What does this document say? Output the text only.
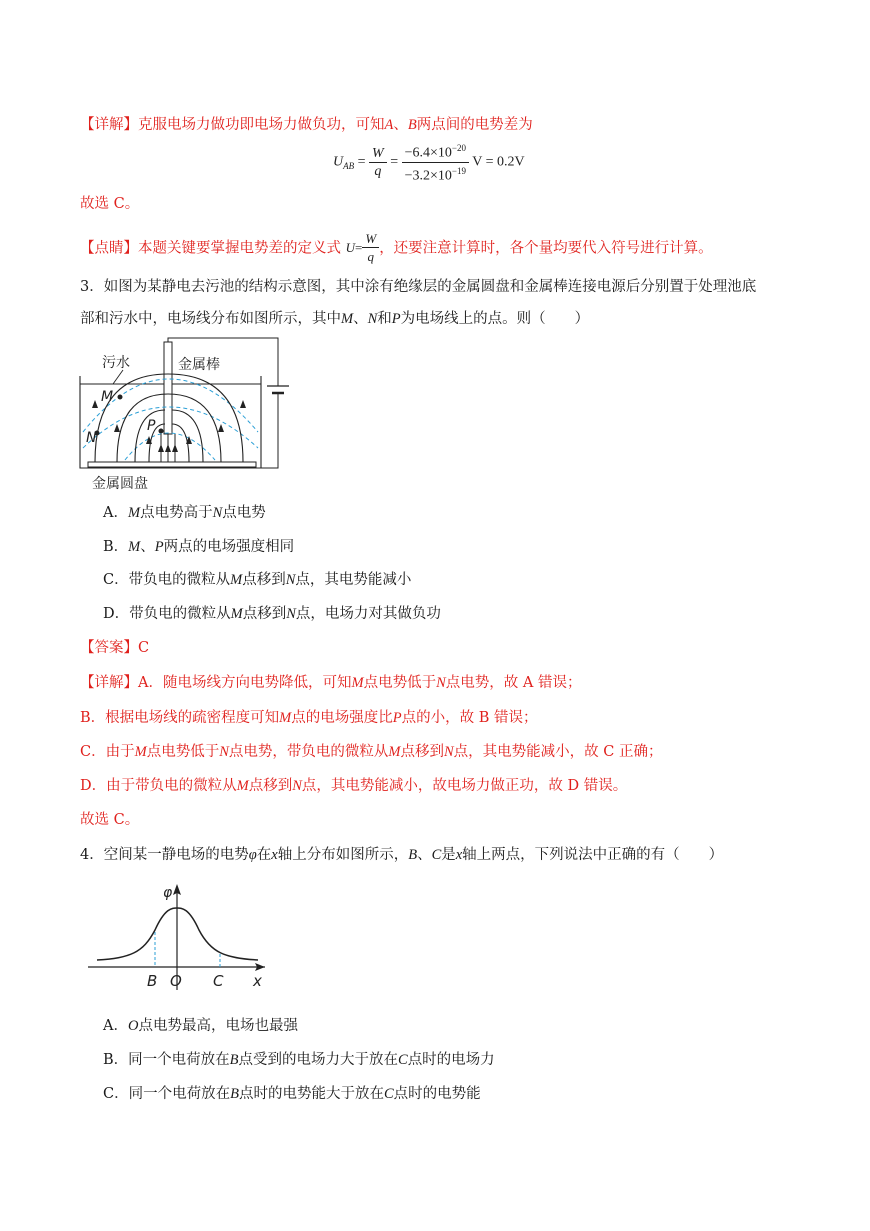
【详解】克服电场力做功即电场力做负功，可知A、B两点间的电势差为
$U_{AB} = \frac{W}{q} = \frac{-6.4\times 10^{-20}}{-3.2\times 10^{-19}}$ V = 0.2V
故选 C。
【点睛】本题关键要掌握电势差的定义式 $U= \frac{W}{q}$ ，还要注意计算时，各个量均要代入符号进行计算。
3．如图为某静电去污池的结构示意图，其中涂有绝缘层的金属圆盘和金属棒连接电源后分别置于处理池底
部和污水中，电场线分布如图所示，其中M、N和P为电场线上的点。则（　　）
污水	金属棒
M
N
P
金属圆盘
A．M点电势高于N点电势
B．M、P两点的电场强度相同
C．带负电的微粒从M点移到N点，其电势能减小
D．带负电的微粒从M点移到N点，电场力对其做负功
【答案】C
【详解】A．随电场线方向电势降低，可知M点电势低于N点电势，故 A 错误；
B．根据电场线的疏密程度可知M点的电场强度比P点的小，故 B 错误；
C．由于M点电势低于N点电势，带负电的微粒从M点移到N点，其电势能减小，故 C 正确；
D．由于带负电的微粒从M点移到N点，其电势能减小，故电场力做正功，故 D 错误。
故选 C。
4．空间某一静电场的电势φ在x轴上分布如图所示，B、C是x轴上两点，下列说法中正确的有（　　）
φ
B O C x
A．O点电势最高，电场也最强
B．同一个电荷放在B点受到的电场力大于放在C点时的电场力
C．同一个电荷放在B点时的电势能大于放在C点时的电势能
